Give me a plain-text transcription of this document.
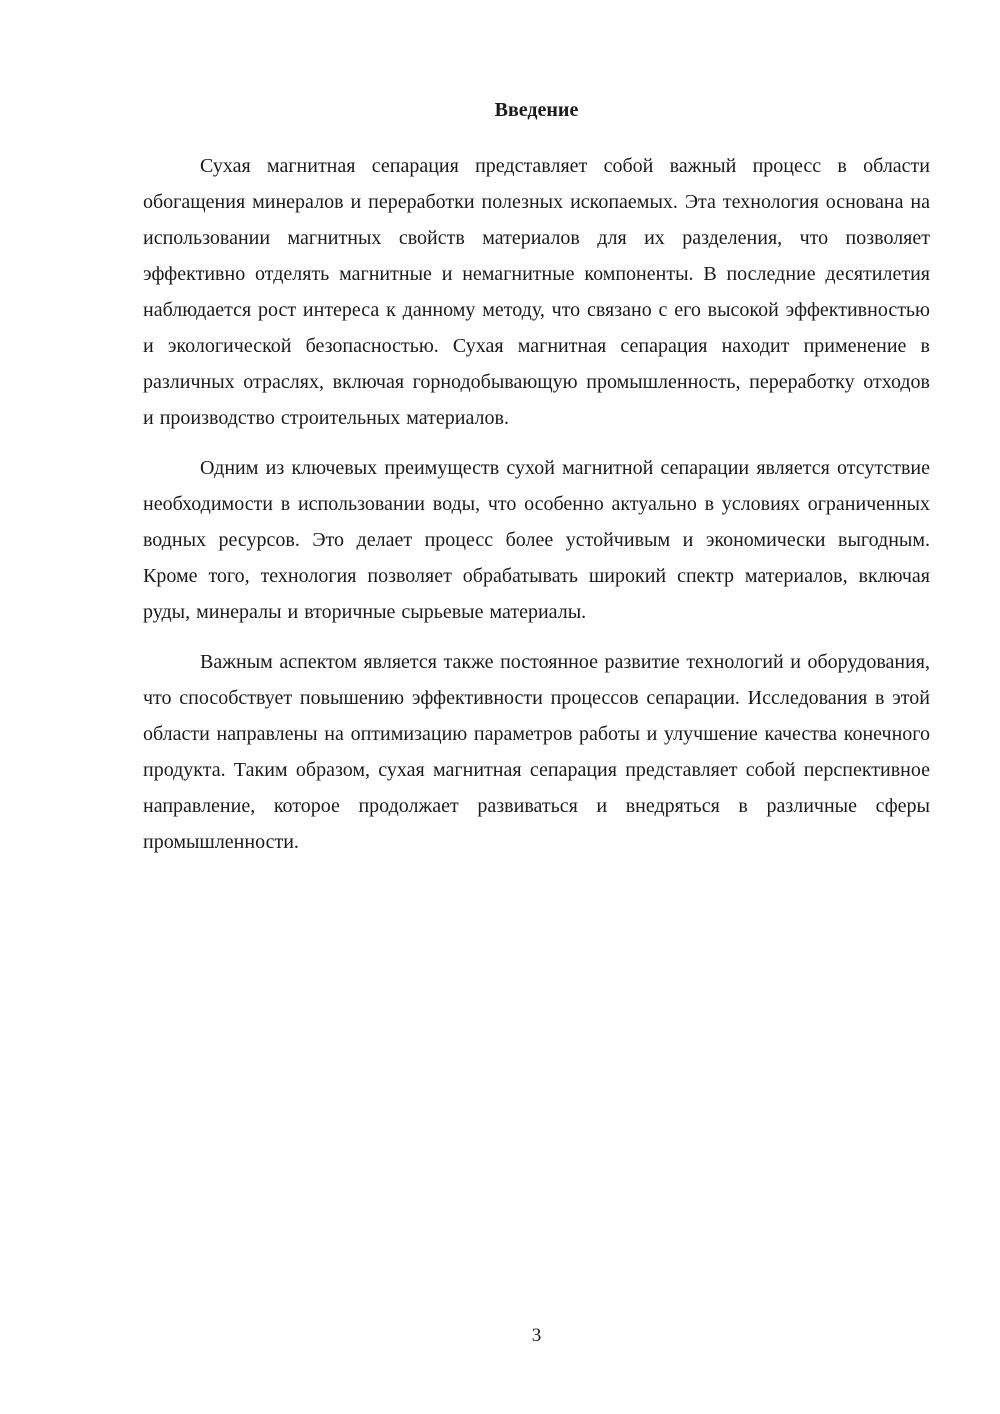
Введение

Сухая магнитная сепарация представляет собой важный процесс в области обогащения минералов и переработки полезных ископаемых. Эта технология основана на использовании магнитных свойств материалов для их разделения, что позволяет эффективно отделять магнитные и немагнитные компоненты. В последние десятилетия наблюдается рост интереса к данному методу, что связано с его высокой эффективностью и экологической безопасностью. Сухая магнитная сепарация находит применение в различных отраслях, включая горнодобывающую промышленность, переработку отходов и производство строительных материалов.

Одним из ключевых преимуществ сухой магнитной сепарации является отсутствие необходимости в использовании воды, что особенно актуально в условиях ограниченных водных ресурсов. Это делает процесс более устойчивым и экономически выгодным. Кроме того, технология позволяет обрабатывать широкий спектр материалов, включая руды, минералы и вторичные сырьевые материалы.

Важным аспектом является также постоянное развитие технологий и оборудования, что способствует повышению эффективности процессов сепарации. Исследования в этой области направлены на оптимизацию параметров работы и улучшение качества конечного продукта. Таким образом, сухая магнитная сепарация представляет собой перспективное направление, которое продолжает развиваться и внедряться в различные сферы промышленности.

3
